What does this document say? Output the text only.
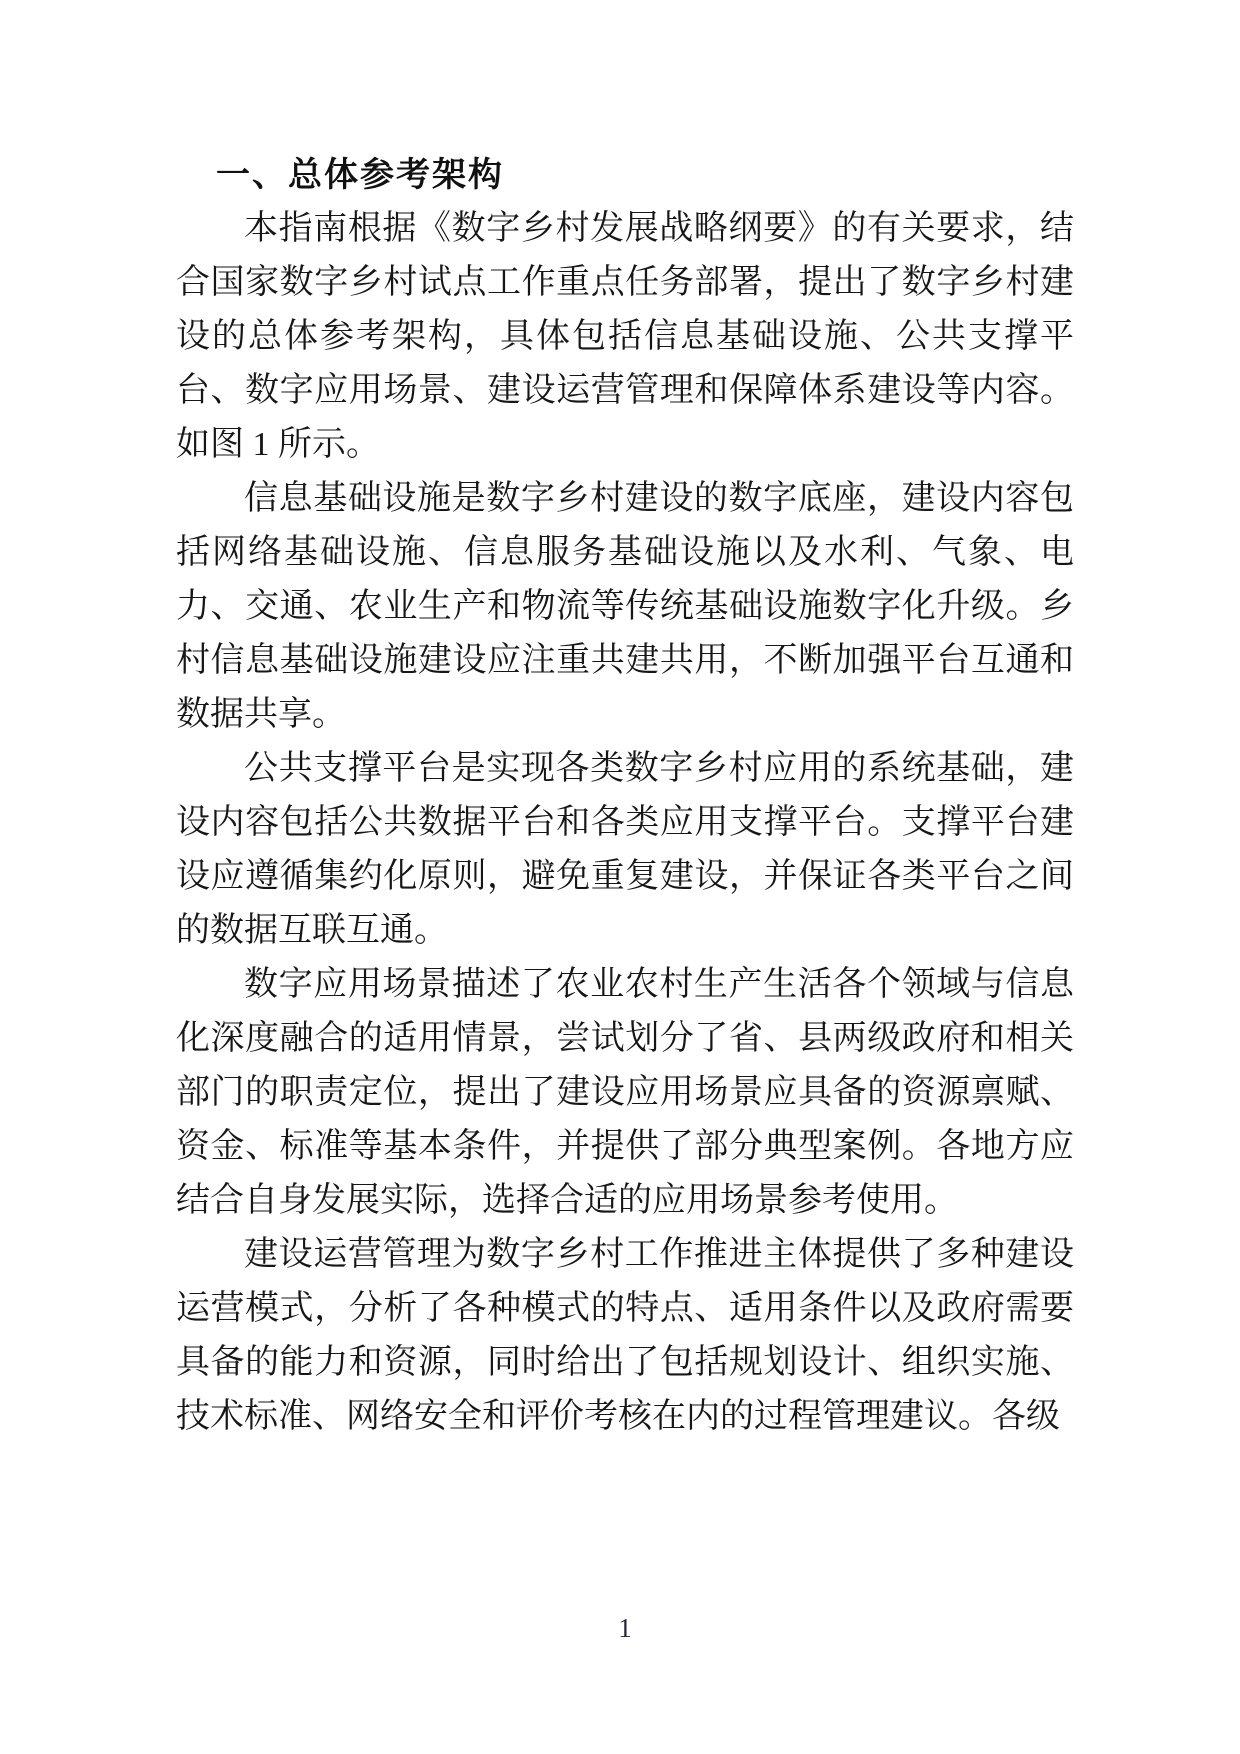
一、总体参考架构

本指南根据《数字乡村发展战略纲要》的有关要求，结合国家数字乡村试点工作重点任务部署，提出了数字乡村建设的总体参考架构，具体包括信息基础设施、公共支撑平台、数字应用场景、建设运营管理和保障体系建设等内容。如图 1 所示。

信息基础设施是数字乡村建设的数字底座，建设内容包括网络基础设施、信息服务基础设施以及水利、气象、电力、交通、农业生产和物流等传统基础设施数字化升级。乡村信息基础设施建设应注重共建共用，不断加强平台互通和数据共享。

公共支撑平台是实现各类数字乡村应用的系统基础，建设内容包括公共数据平台和各类应用支撑平台。支撑平台建设应遵循集约化原则，避免重复建设，并保证各类平台之间的数据互联互通。

数字应用场景描述了农业农村生产生活各个领域与信息化深度融合的适用情景，尝试划分了省、县两级政府和相关部门的职责定位，提出了建设应用场景应具备的资源禀赋、资金、标准等基本条件，并提供了部分典型案例。各地方应结合自身发展实际，选择合适的应用场景参考使用。

建设运营管理为数字乡村工作推进主体提供了多种建设运营模式，分析了各种模式的特点、适用条件以及政府需要具备的能力和资源，同时给出了包括规划设计、组织实施、技术标准、网络安全和评价考核在内的过程管理建议。各级

1
